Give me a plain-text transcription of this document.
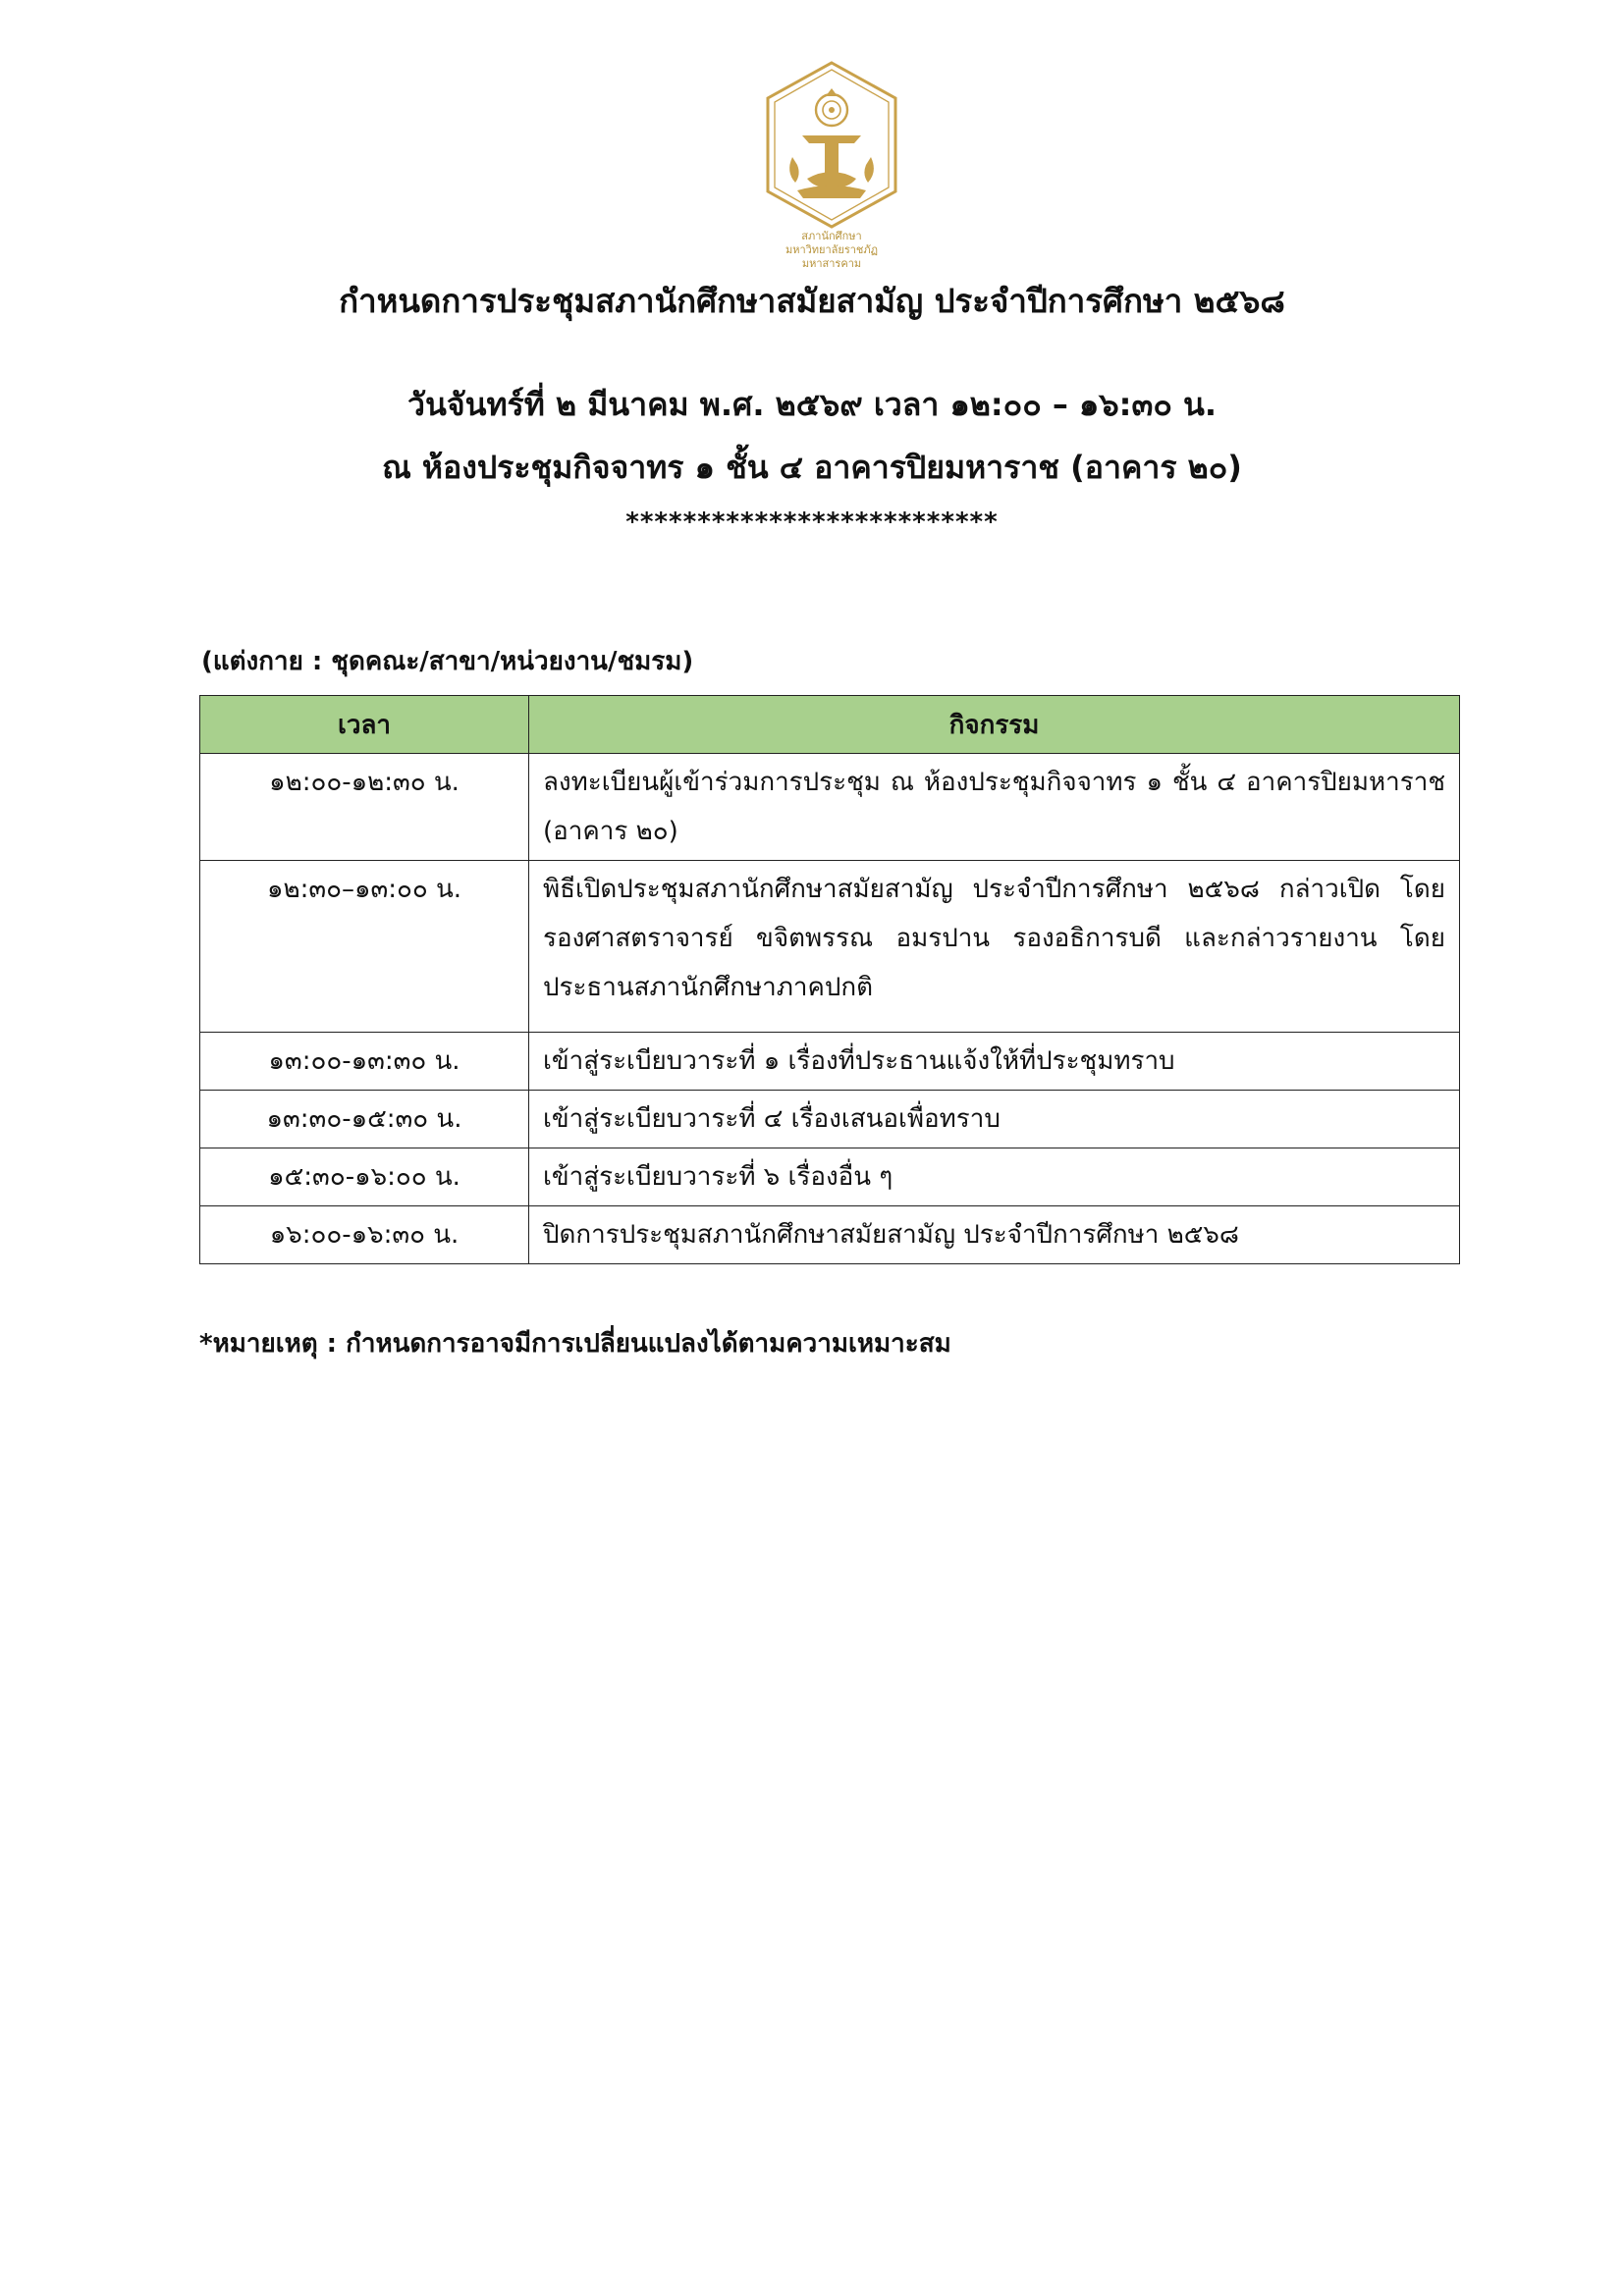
สภานักศึกษา
มหาวิทยาลัยราชภัฏมหาสารคาม
กำหนดการประชุมสภานักศึกษาสมัยสามัญ ประจำปีการศึกษา ๒๕๖๘
วันจันทร์ที่ ๒ มีนาคม พ.ศ. ๒๕๖๙ เวลา ๑๒:๐๐ – ๑๖:๓๐ น.
ณ ห้องประชุมกิจจาทร ๑ ชั้น ๔ อาคารปิยมหาราช (อาคาร ๒๐)
**************************
(แต่งกาย : ชุดคณะ/สาขา/หน่วยงาน/ชมรม)
เวลา	กิจกรรม
๑๒:๐๐-๑๒:๓๐ น.	ลงทะเบียนผู้เข้าร่วมการประชุม ณ ห้องประชุมกิจจาทร ๑ ชั้น ๔ อาคารปิยมหาราช (อาคาร ๒๐)
๑๒:๓๐–๑๓:๐๐ น.	พิธีเปิดประชุมสภานักศึกษาสมัยสามัญ ประจำปีการศึกษา ๒๕๖๘ กล่าวเปิด โดย รองศาสตราจารย์ ขจิตพรรณ อมรปาน รองอธิการบดี และกล่าวรายงาน โดย ประธานสภานักศึกษาภาคปกติ
๑๓:๐๐-๑๓:๓๐ น.	เข้าสู่ระเบียบวาระที่ ๑ เรื่องที่ประธานแจ้งให้ที่ประชุมทราบ
๑๓:๓๐-๑๕:๓๐ น.	เข้าสู่ระเบียบวาระที่ ๔ เรื่องเสนอเพื่อทราบ
๑๕:๓๐-๑๖:๐๐ น.	เข้าสู่ระเบียบวาระที่ ๖ เรื่องอื่น ๆ
๑๖:๐๐-๑๖:๓๐ น.	ปิดการประชุมสภานักศึกษาสมัยสามัญ ประจำปีการศึกษา ๒๕๖๘
*หมายเหตุ : กำหนดการอาจมีการเปลี่ยนแปลงได้ตามความเหมาะสม
